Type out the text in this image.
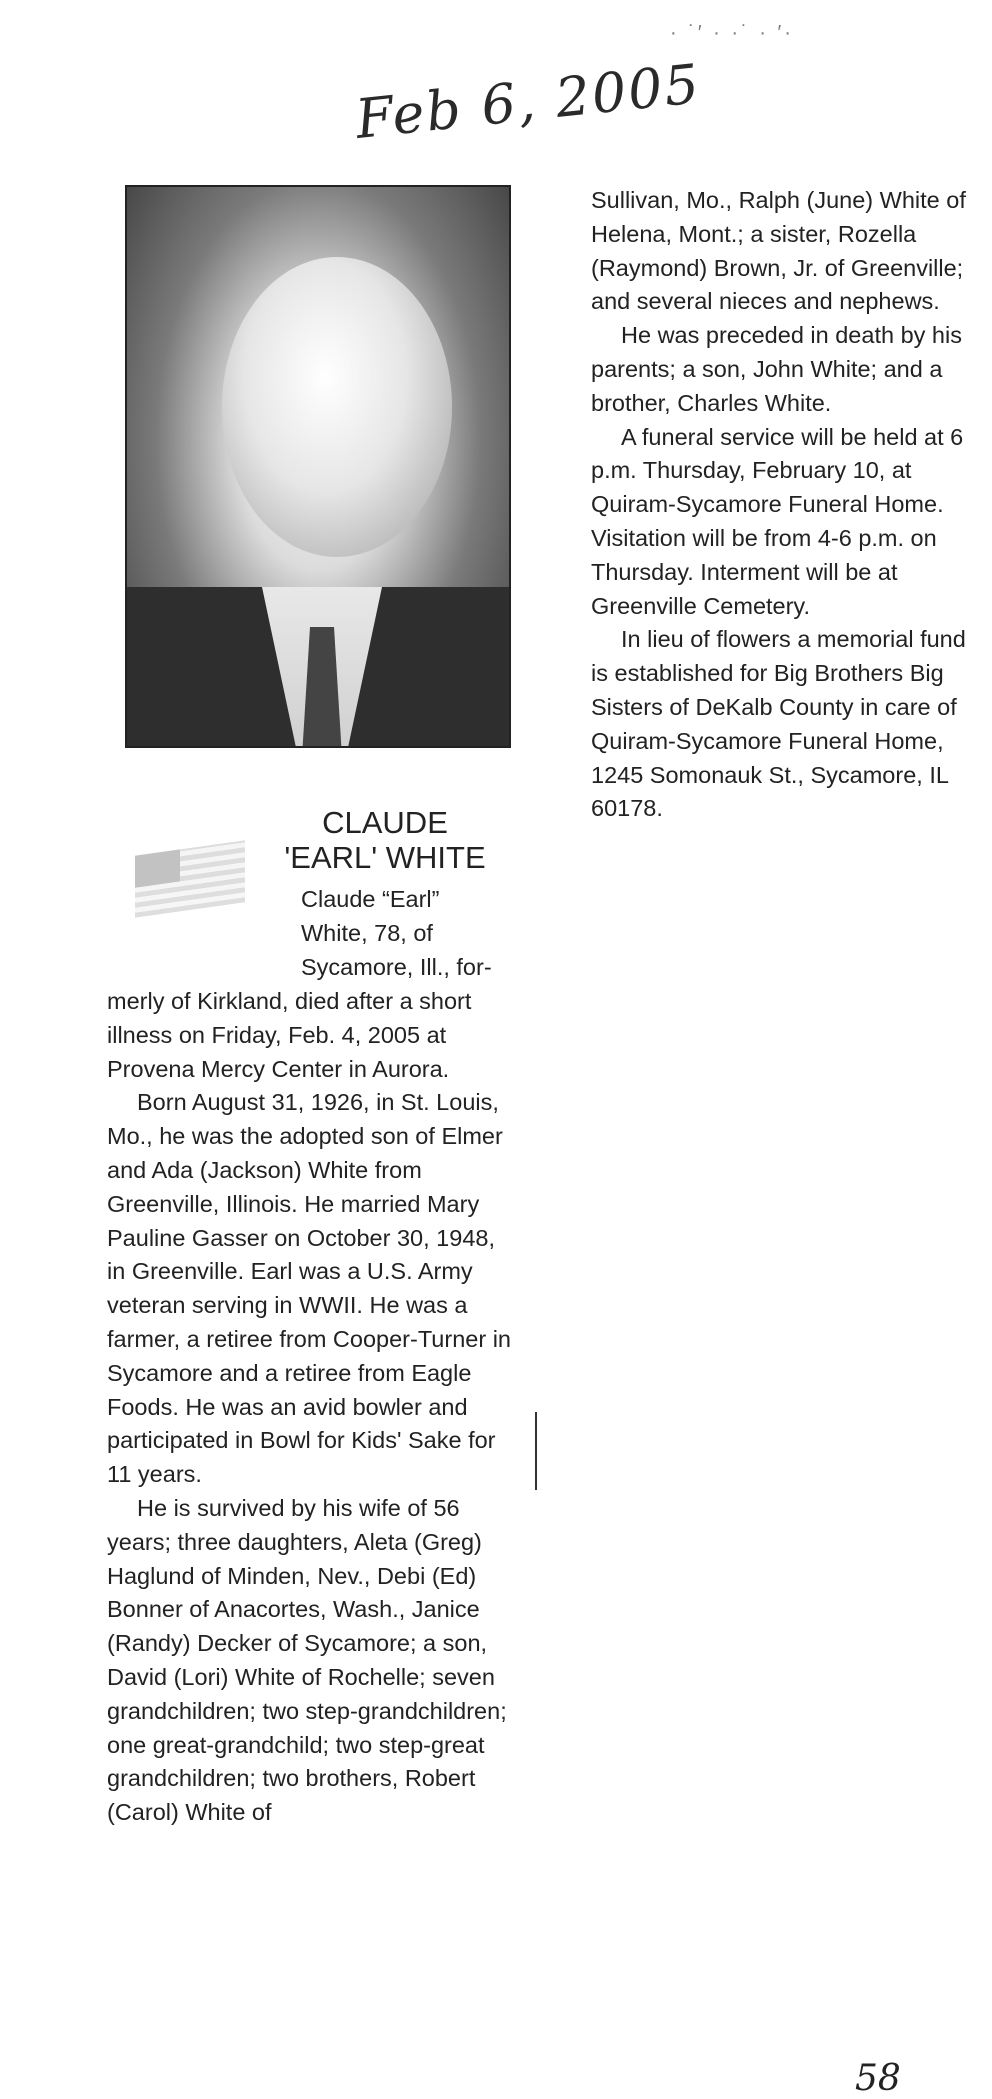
Feb 6, 2005
· ˙′ · ·˙ · ′·
CLAUDE
'EARL' WHITE
Claude “Earl”
White, 78, of
Sycamore, Ill., for-

merly of Kirkland, died after a short illness on Friday, Feb. 4, 2005 at Provena Mercy Center in Aurora.

Born August 31, 1926, in St. Louis, Mo., he was the adopted son of Elmer and Ada (Jackson) White from Greenville, Illinois. He married Mary Pauline Gasser on October 30, 1948, in Greenville. Earl was a U.S. Army veteran serving in WWII. He was a farmer, a retiree from Cooper-Turner in Sycamore and a retiree from Eagle Foods. He was an avid bowler and participated in Bowl for Kids' Sake for 11 years.

He is survived by his wife of 56 years; three daughters, Aleta (Greg) Haglund of Minden, Nev., Debi (Ed) Bonner of Anacortes, Wash., Janice (Randy) Decker of Sycamore; a son, David (Lori) White of Rochelle; seven grandchildren; two step-grandchildren; one great-grandchild; two step-great grandchildren; two brothers, Robert (Carol) White of

Sullivan, Mo., Ralph (June) White of Helena, Mont.; a sister, Rozella (Raymond) Brown, Jr. of Greenville; and several nieces and nephews.

He was preceded in death by his parents; a son, John White; and a brother, Charles White.

A funeral service will be held at 6 p.m. Thursday, February 10, at Quiram-Sycamore Funeral Home. Visitation will be from 4-6 p.m. on Thursday. Interment will be at Greenville Cemetery.

In lieu of flowers a memorial fund is established for Big Brothers Big Sisters of DeKalb County in care of Quiram-Sycamore Funeral Home, 1245 Somonauk St., Sycamore, IL 60178.

58
